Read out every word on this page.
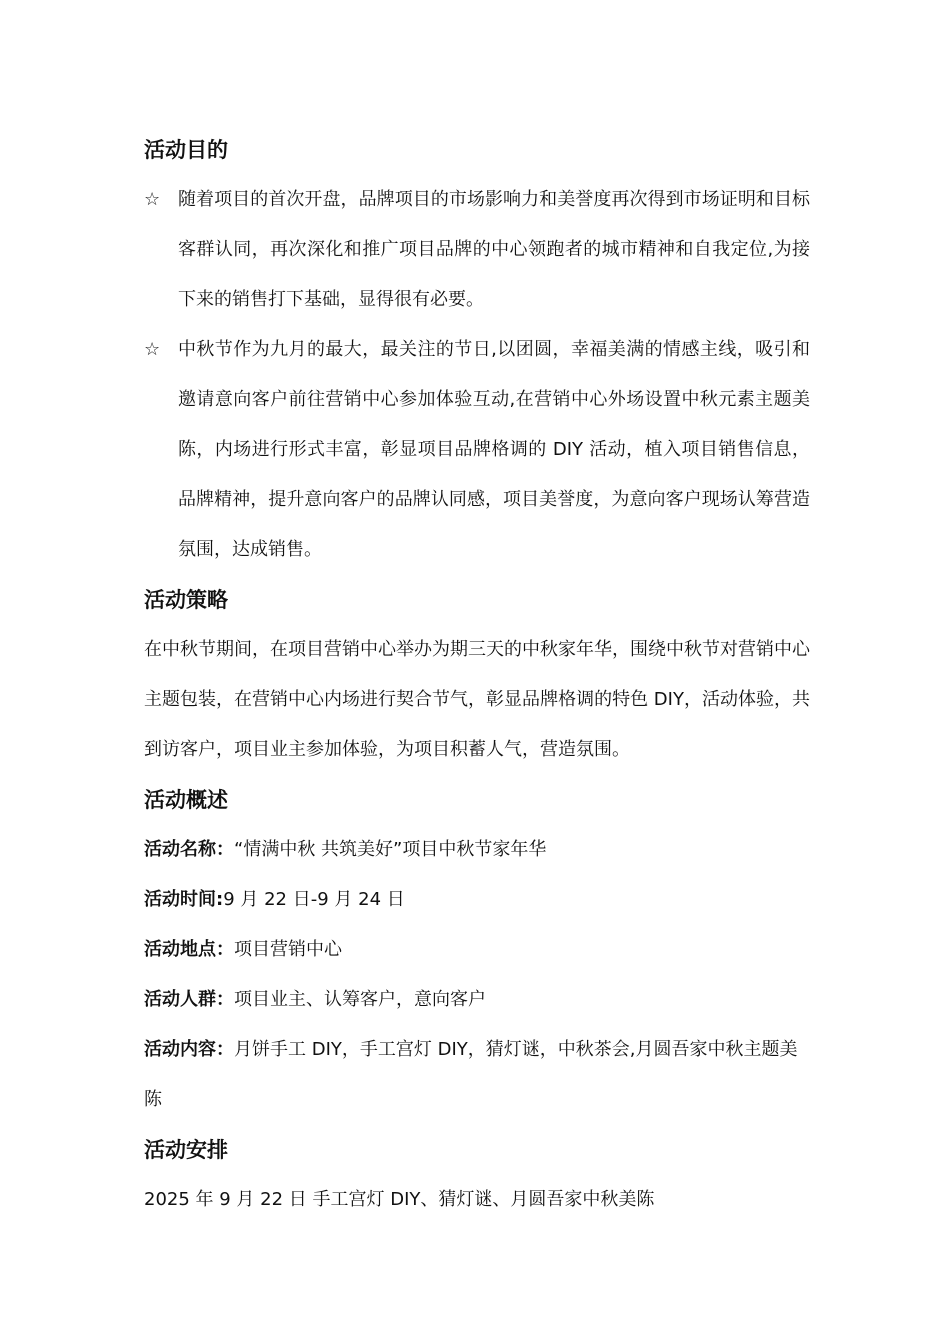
活动目的

☆ 随着项目的首次开盘，品牌项目的市场影响力和美誉度再次得到市场证明和目标客群认同，再次深化和推广项目品牌的中心领跑者的城市精神和自我定位,为接下来的销售打下基础，显得很有必要。

☆ 中秋节作为九月的最大，最关注的节日,以团圆，幸福美满的情感主线，吸引和邀请意向客户前往营销中心参加体验互动,在营销中心外场设置中秋元素主题美陈，内场进行形式丰富，彰显项目品牌格调的 DIY 活动，植入项目销售信息，品牌精神，提升意向客户的品牌认同感，项目美誉度，为意向客户现场认筹营造氛围，达成销售。

活动策略

在中秋节期间，在项目营销中心举办为期三天的中秋家年华，围绕中秋节对营销中心主题包装，在营销中心内场进行契合节气，彰显品牌格调的特色 DIY，活动体验，共到访客户，项目业主参加体验，为项目积蓄人气，营造氛围。

活动概述

活动名称：“情满中秋 共筑美好”项目中秋节家年华

活动时间:9 月 22 日-9 月 24 日

活动地点：项目营销中心

活动人群：项目业主、认筹客户，意向客户

活动内容：月饼手工 DIY，手工宫灯 DIY，猜灯谜，中秋茶会,月圆吾家中秋主题美陈

活动安排

2025 年 9 月 22 日 手工宫灯 DIY、猜灯谜、月圆吾家中秋美陈
